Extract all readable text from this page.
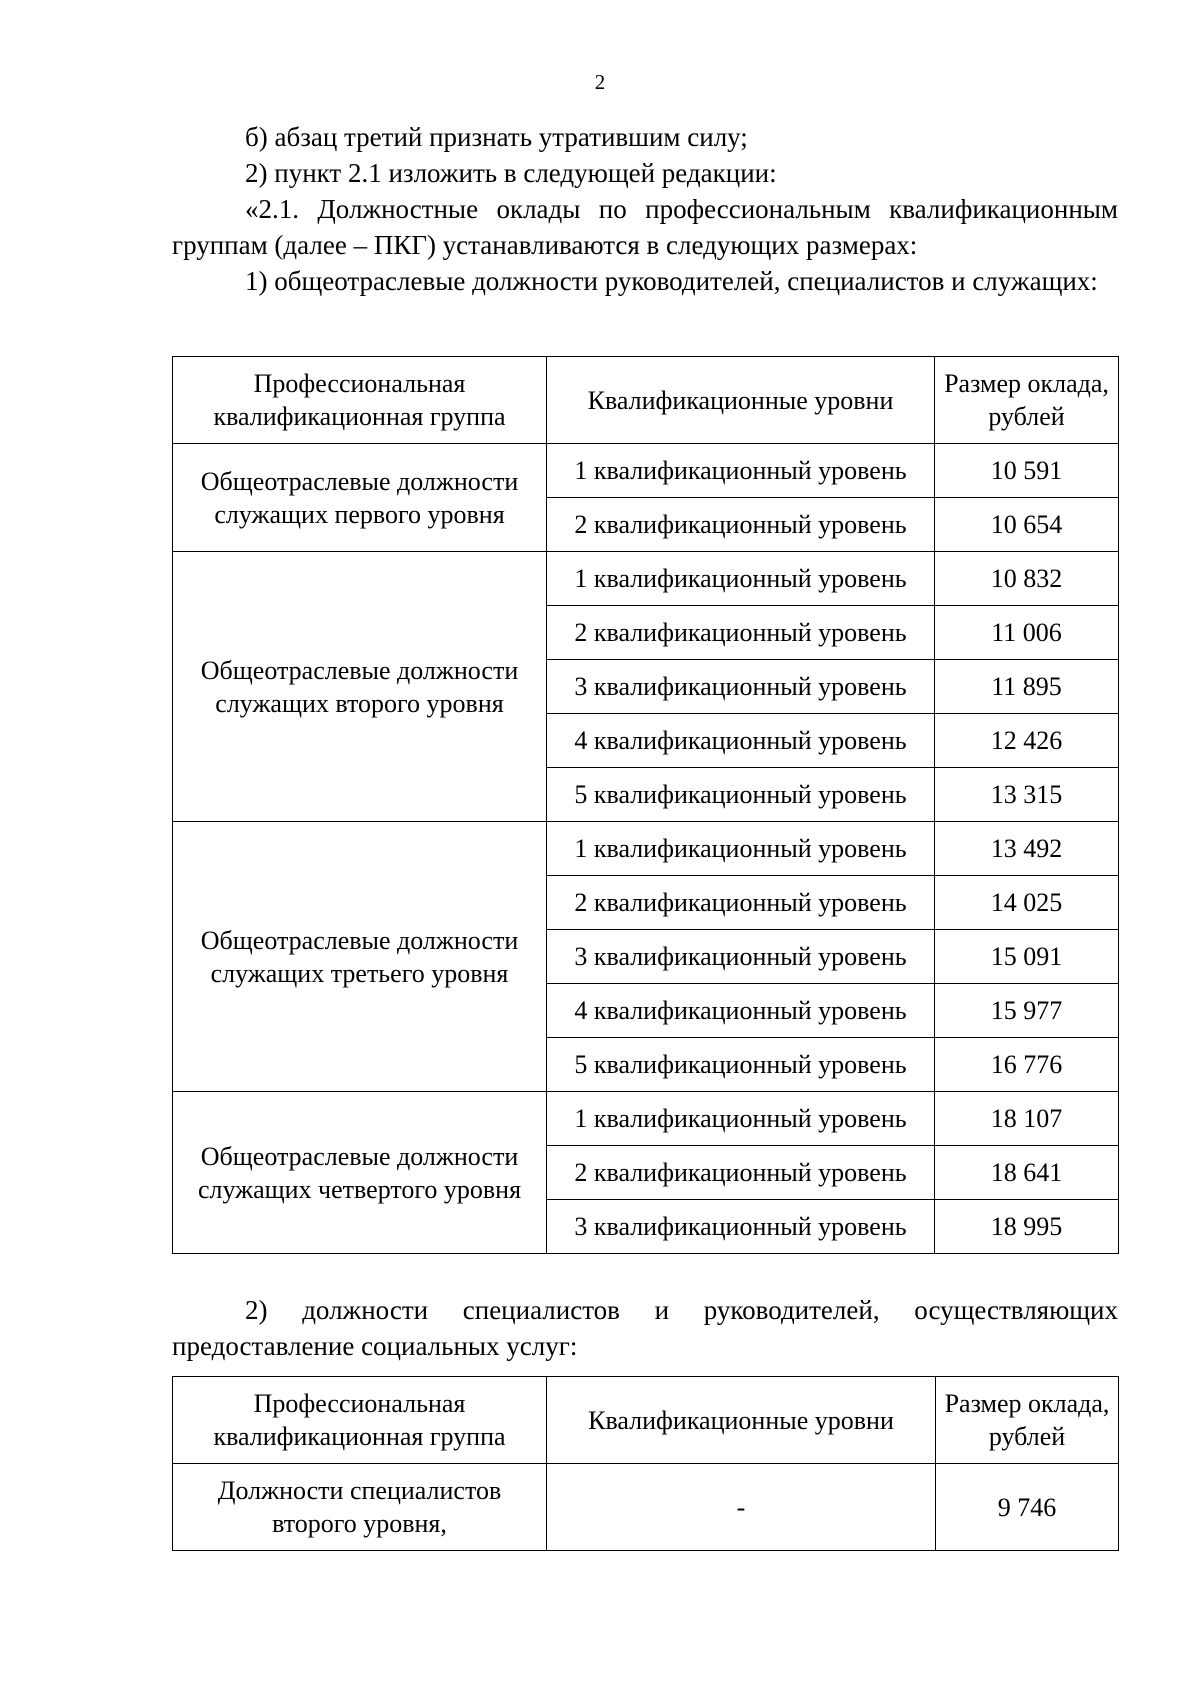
2

б) абзац третий признать утратившим силу;

2) пункт 2.1 изложить в следующей редакции:

«2.1. Должностные оклады по профессиональным квалификационным группам (далее – ПКГ) устанавливаются в следующих размерах:

1) общеотраслевые должности руководителей, специалистов и служащих:

Профессиональная квалификационная группа	Квалификационные уровни	Размер оклада, рублей
Общеотраслевые должности служащих первого уровня	1 квалификационный уровень	10 591
	2 квалификационный уровень	10 654
Общеотраслевые должности служащих второго уровня	1 квалификационный уровень	10 832
	2 квалификационный уровень	11 006
	3 квалификационный уровень	11 895
	4 квалификационный уровень	12 426
	5 квалификационный уровень	13 315
Общеотраслевые должности служащих третьего уровня	1 квалификационный уровень	13 492
	2 квалификационный уровень	14 025
	3 квалификационный уровень	15 091
	4 квалификационный уровень	15 977
	5 квалификационный уровень	16 776
Общеотраслевые должности служащих четвертого уровня	1 квалификационный уровень	18 107
	2 квалификационный уровень	18 641
	3 квалификационный уровень	18 995

2) должности специалистов и руководителей, осуществляющих предоставление социальных услуг:

Профессиональная квалификационная группа	Квалификационные уровни	Размер оклада, рублей
Должности специалистов второго уровня,	-	9 746
